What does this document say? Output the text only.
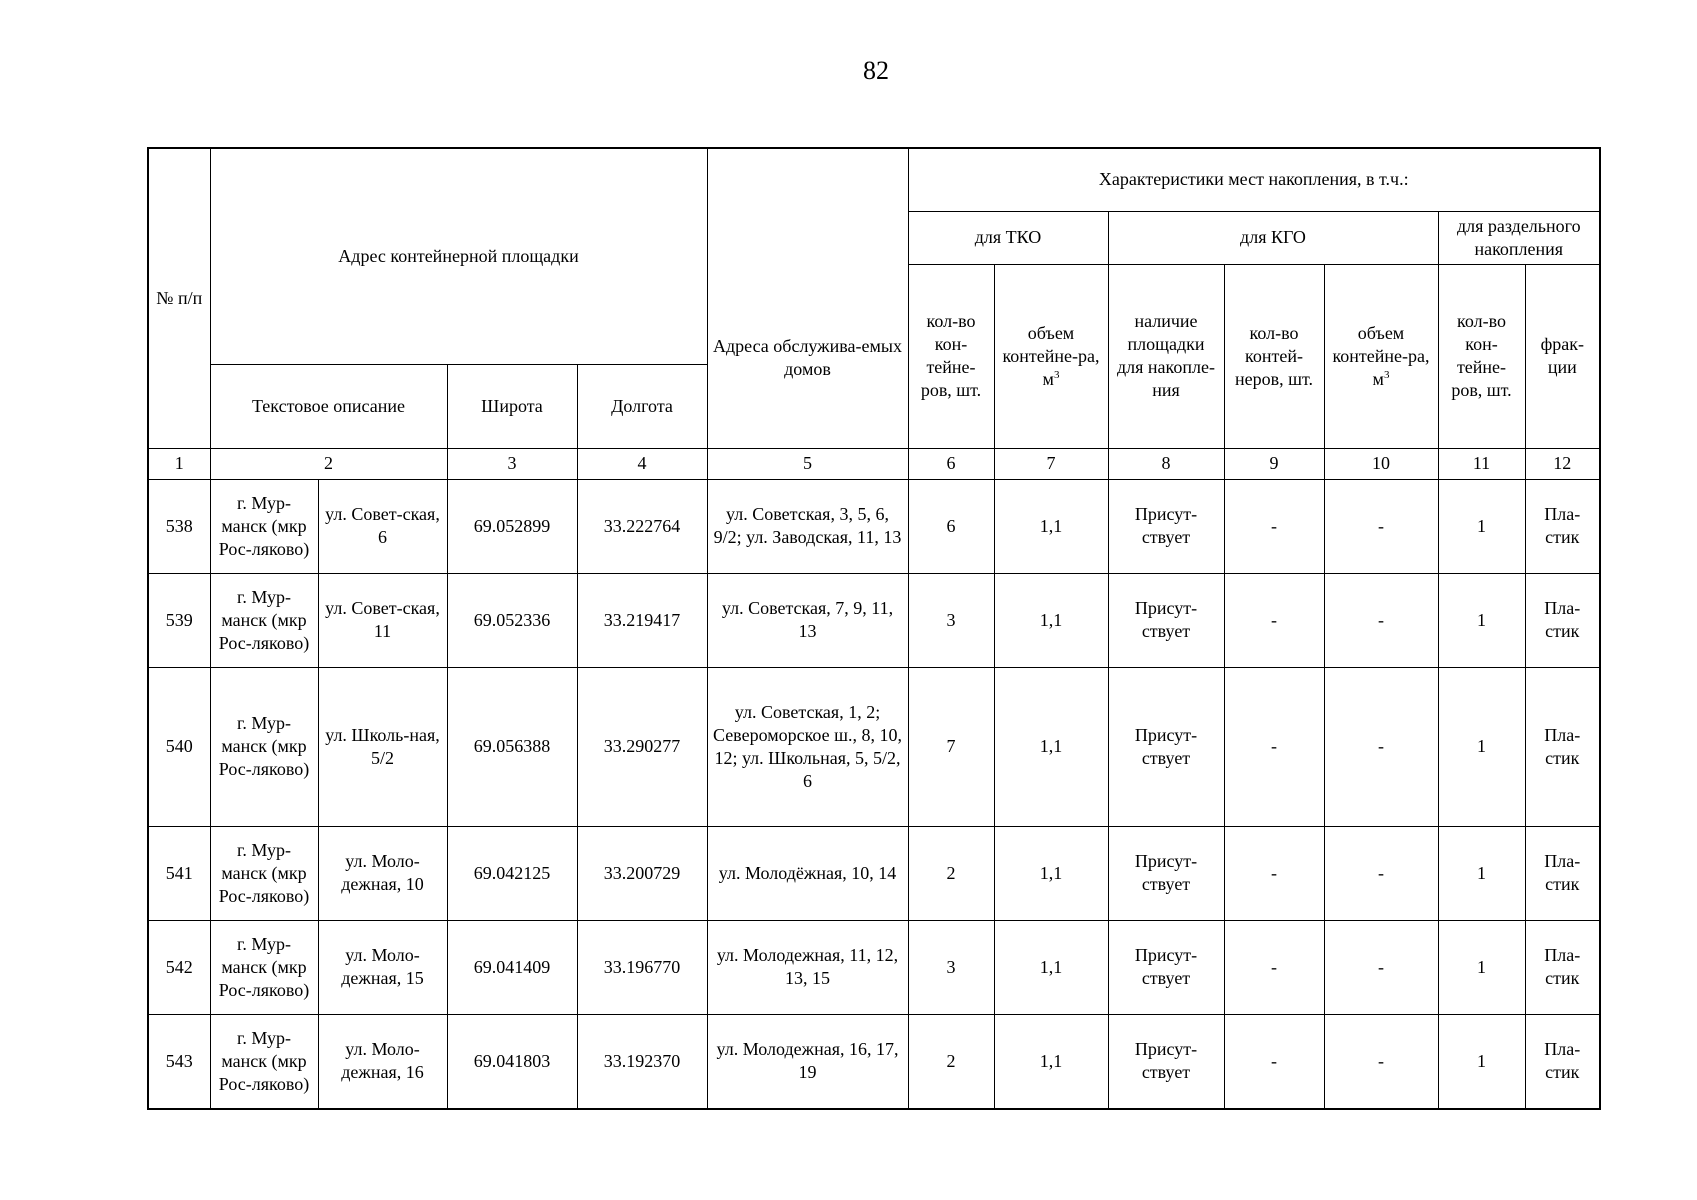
82
№ п/п	Адрес контейнерной площадки				Адреса обслужива-емых домов	Характеристики мест накопления, в т.ч.:						
						для ТКО		для КГО			для раздельного накопления	
						кол-во кон-тейне-ров, шт.	объем контейне-ра, $м^3$	наличие площадки для накопле-ния	кол-во контей-неров, шт.	объем контейне-ра, $м^3$	кол-во кон-тейне-ров, шт.	фрак-ции
	Текстовое описание		Широта	Долгота								
1	2		3	4	5	6	7	8	9	10	11	12
538	г. Мур-манск (мкр Рос-ляково)	ул. Совет-ская, 6	69.052899	33.222764	ул. Советская, 3, 5, 6, 9/2; ул. Заводская, 11, 13	6	1,1	Присут-ствует	-	-	1	Пла-стик
539	г. Мур-манск (мкр Рос-ляково)	ул. Совет-ская, 11	69.052336	33.219417	ул. Советская, 7, 9, 11, 13	3	1,1	Присут-ствует	-	-	1	Пла-стик
540	г. Мур-манск (мкр Рос-ляково)	ул. Школь-ная, 5/2	69.056388	33.290277	ул. Советская, 1, 2; Североморское ш., 8, 10, 12; ул. Школьная, 5, 5/2, 6	7	1,1	Присут-ствует	-	-	1	Пла-стик
541	г. Мур-манск (мкр Рос-ляково)	ул. Моло-дежная, 10	69.042125	33.200729	ул. Молодёжная, 10, 14	2	1,1	Присут-ствует	-	-	1	Пла-стик
542	г. Мур-манск (мкр Рос-ляково)	ул. Моло-дежная, 15	69.041409	33.196770	ул. Молодежная, 11, 12, 13, 15	3	1,1	Присут-ствует	-	-	1	Пла-стик
543	г. Мур-манск (мкр Рос-ляково)	ул. Моло-дежная, 16	69.041803	33.192370	ул. Молодежная, 16, 17, 19	2	1,1	Присут-ствует	-	-	1	Пла-стик
